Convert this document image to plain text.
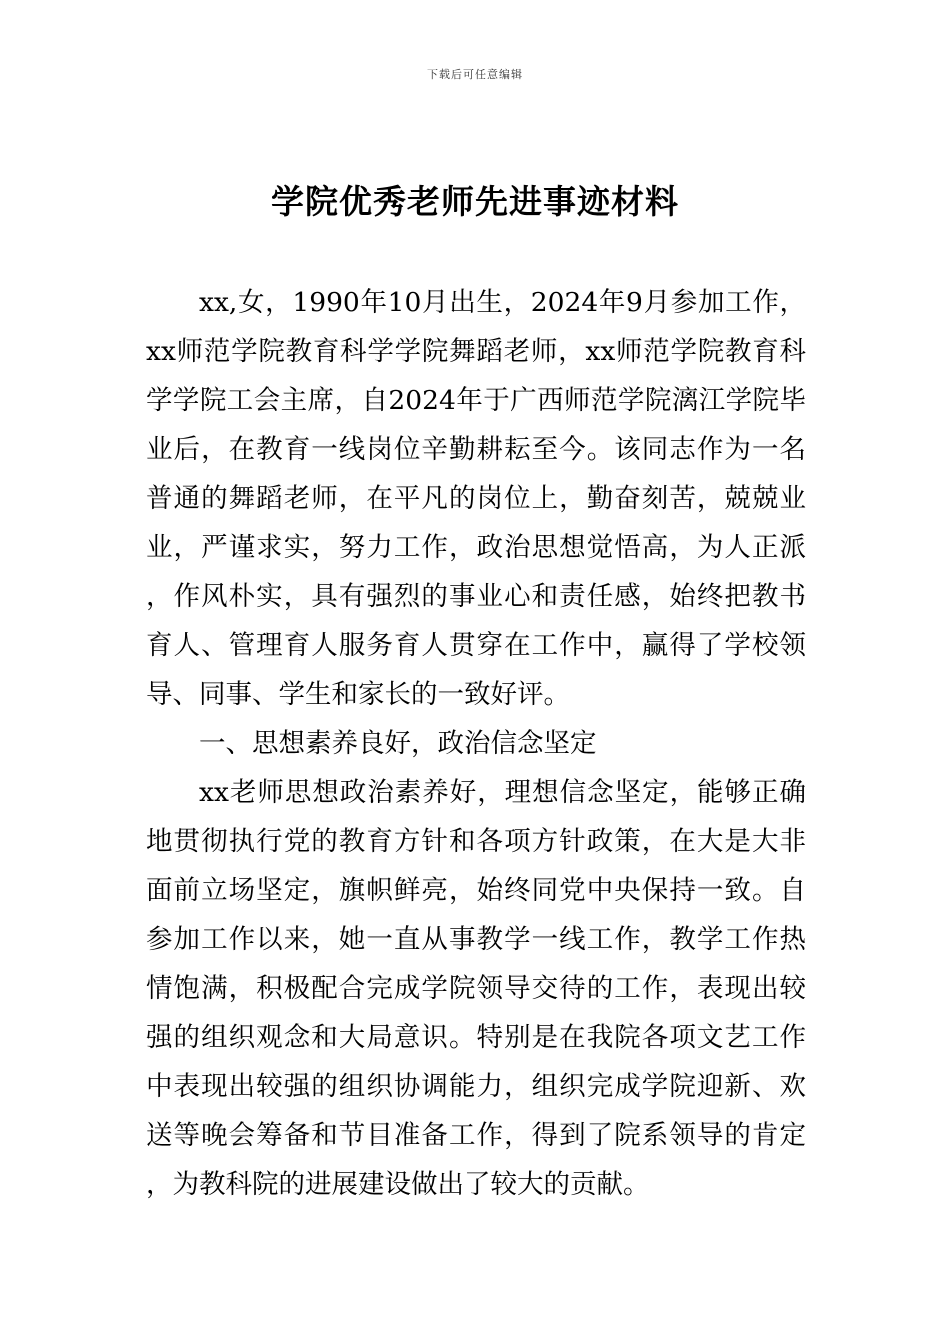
下载后可任意编辑
学院优秀老师先进事迹材料

xx,女，1990年10月出生，2024年9月参加工作，xx师范学院教育科学学院舞蹈老师，xx师范学院教育科学学院工会主席，自2024年于广西师范学院漓江学院毕业后，在教育一线岗位辛勤耕耘至今。该同志作为一名普通的舞蹈老师，在平凡的岗位上，勤奋刻苦，兢兢业业，严谨求实，努力工作，政治思想觉悟高，为人正派，作风朴实，具有强烈的事业心和责任感，始终把教书育人、管理育人服务育人贯穿在工作中，赢得了学校领导、同事、学生和家长的一致好评。

一、思想素养良好，政治信念坚定

xx老师思想政治素养好，理想信念坚定，能够正确地贯彻执行党的教育方针和各项方针政策，在大是大非面前立场坚定，旗帜鲜亮，始终同党中央保持一致。自参加工作以来，她一直从事教学一线工作，教学工作热情饱满，积极配合完成学院领导交待的工作，表现出较强的组织观念和大局意识。特别是在我院各项文艺工作中表现出较强的组织协调能力，组织完成学院迎新、欢送等晚会筹备和节目准备工作，得到了院系领导的肯定，为教科院的进展建设做出了较大的贡献。
